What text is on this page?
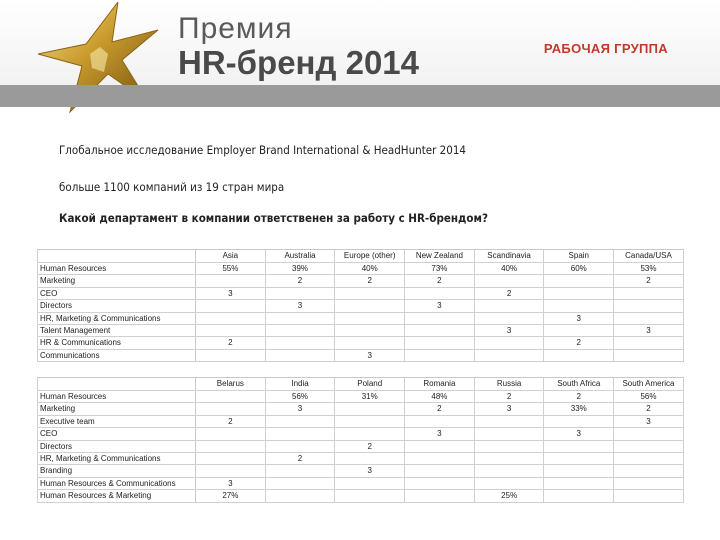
Премия
HR-бренд 2014	РАБОЧАЯ ГРУППА
Глобальное исследование Employer Brand International & HeadHunter 2014
больше 1100 компаний из 19 стран мира
Какой департамент в компании ответственен за работу с HR-брендом?
	Asia	Australia	Europe (other)	New Zealand	Scandinavia	Spain	Canada/USA
Human Resources	55%	39%	40%	73%	40%	60%	53%
Marketing		2	2	2			2
CEO	3				2		
Directors		3		3			
HR, Marketing & Communications						3	
Talent Management					3		3
HR & Communications	2					2	
Communications			3				
	Belarus	India	Poland	Romania	Russia	South Africa	South America
Human Resources		56%	31%	48%	2	2	56%
Marketing		3		2	3	33%	2
Executive team	2						3
CEO				3		3	
Directors			2				
HR, Marketing & Communications		2					
Branding			3				
Human Resources & Communications	3						
Human Resources & Marketing	27%				25%		
